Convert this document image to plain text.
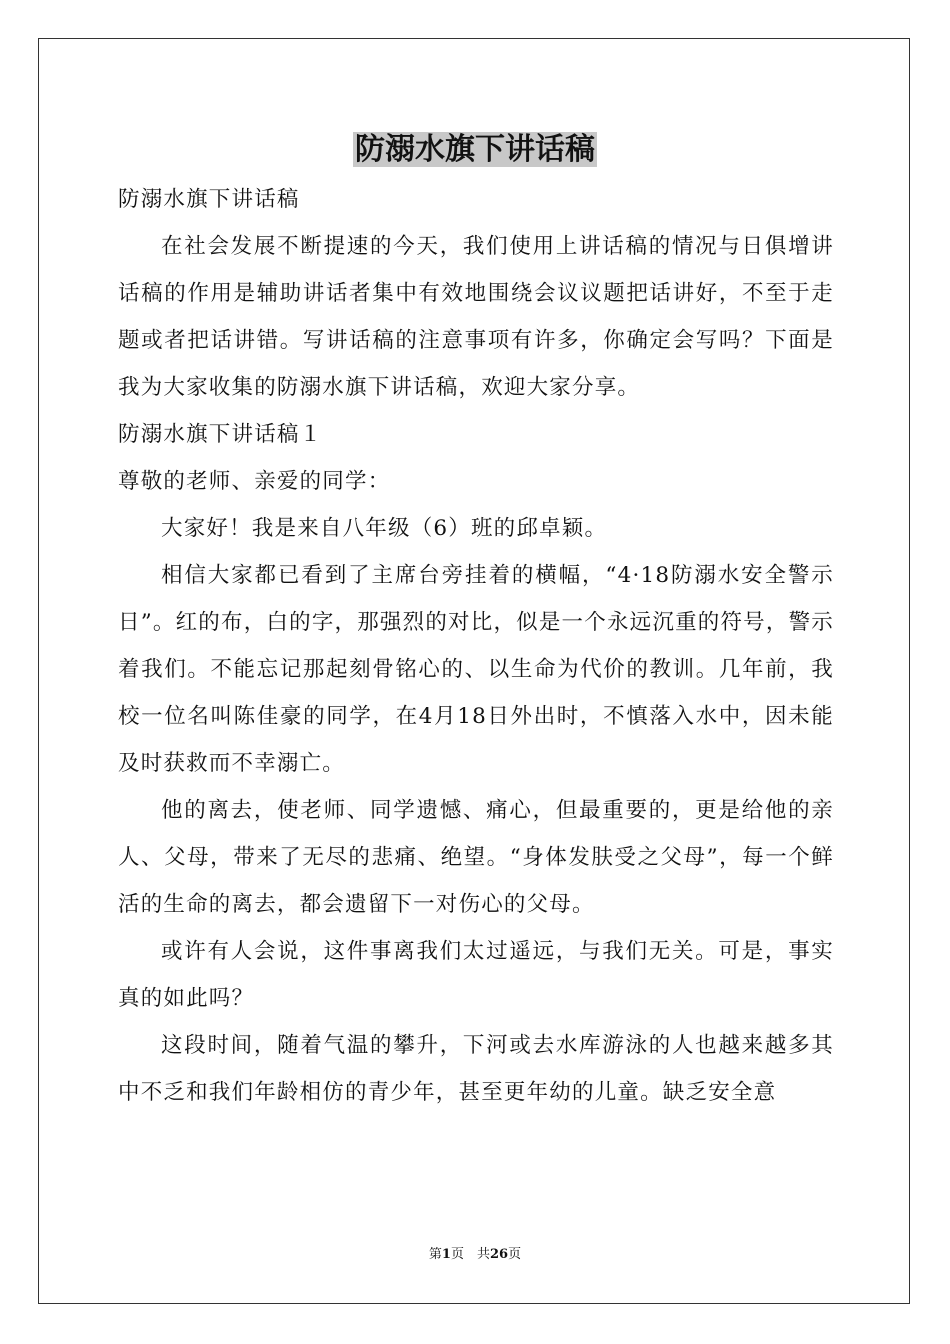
防溺水旗下讲话稿

防溺水旗下讲话稿

在社会发展不断提速的今天，我们使用上讲话稿的情况与日俱增讲话稿的作用是辅助讲话者集中有效地围绕会议议题把话讲好，不至于走题或者把话讲错。写讲话稿的注意事项有许多，你确定会写吗？下面是我为大家收集的防溺水旗下讲话稿，欢迎大家分享。

防溺水旗下讲话稿１

尊敬的老师、亲爱的同学：

大家好！我是来自八年级（6）班的邱卓颖。

相信大家都已看到了主席台旁挂着的横幅，“4·18防溺水安全警示日”。红的布，白的字，那强烈的对比，似是一个永远沉重的符号，警示着我们。不能忘记那起刻骨铭心的、以生命为代价的教训。几年前，我校一位名叫陈佳豪的同学，在4月18日外出时，不慎落入水中，因未能及时获救而不幸溺亡。

他的离去，使老师、同学遗憾、痛心，但最重要的，更是给他的亲人、父母，带来了无尽的悲痛、绝望。“身体发肤受之父母”，每一个鲜活的生命的离去，都会遗留下一对伤心的父母。

或许有人会说，这件事离我们太过遥远，与我们无关。可是，事实真的如此吗？

这段时间，随着气温的攀升，下河或去水库游泳的人也越来越多其中不乏和我们年龄相仿的青少年，甚至更年幼的儿童。缺乏安全意

第1页　共26页
